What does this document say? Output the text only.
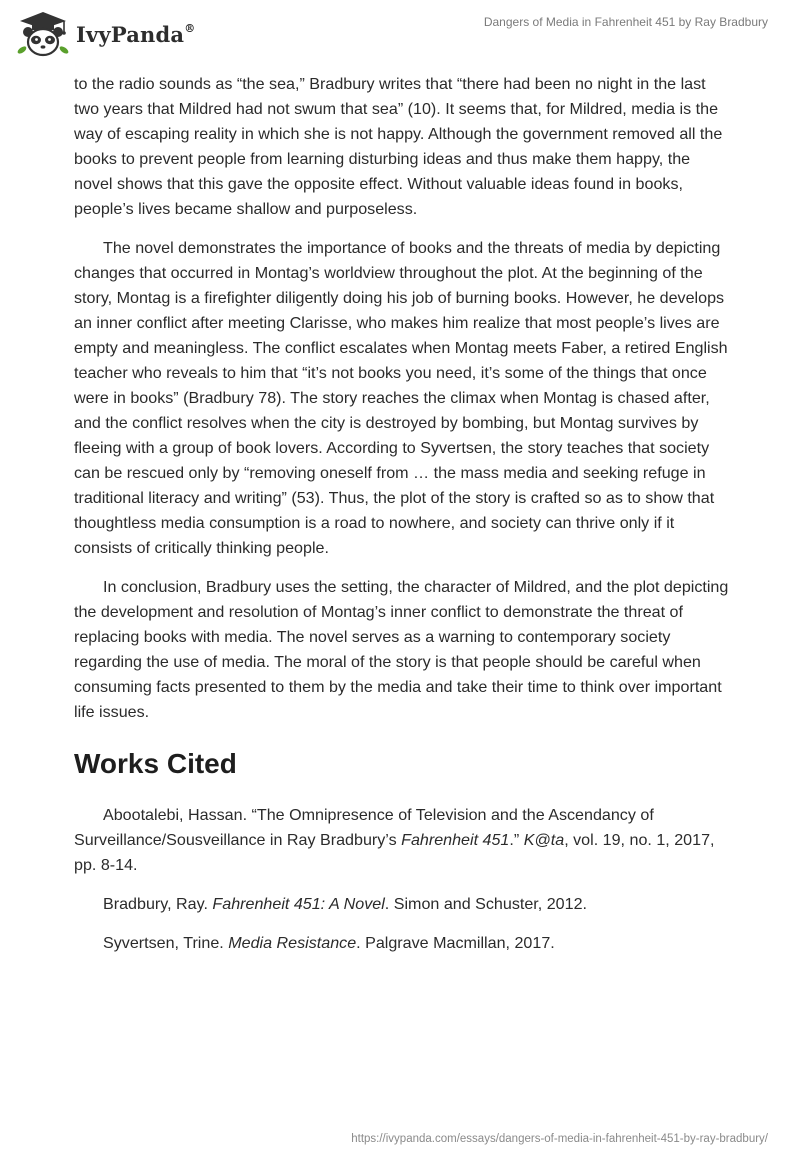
IvyPanda®	Dangers of Media in Fahrenheit 451 by Ray Bradbury

to the radio sounds as “the sea,” Bradbury writes that “there had been no night in the last two years that Mildred had not swum that sea” (10). It seems that, for Mildred, media is the way of escaping reality in which she is not happy. Although the government removed all the books to prevent people from learning disturbing ideas and thus make them happy, the novel shows that this gave the opposite effect. Without valuable ideas found in books, people’s lives became shallow and purposeless.

The novel demonstrates the importance of books and the threats of media by depicting changes that occurred in Montag’s worldview throughout the plot. At the beginning of the story, Montag is a firefighter diligently doing his job of burning books. However, he develops an inner conflict after meeting Clarisse, who makes him realize that most people’s lives are empty and meaningless. The conflict escalates when Montag meets Faber, a retired English teacher who reveals to him that “it’s not books you need, it’s some of the things that once were in books” (Bradbury 78). The story reaches the climax when Montag is chased after, and the conflict resolves when the city is destroyed by bombing, but Montag survives by fleeing with a group of book lovers. According to Syvertsen, the story teaches that society can be rescued only by “removing oneself from … the mass media and seeking refuge in traditional literacy and writing” (53). Thus, the plot of the story is crafted so as to show that thoughtless media consumption is a road to nowhere, and society can thrive only if it consists of critically thinking people.

In conclusion, Bradbury uses the setting, the character of Mildred, and the plot depicting the development and resolution of Montag’s inner conflict to demonstrate the threat of replacing books with media. The novel serves as a warning to contemporary society regarding the use of media. The moral of the story is that people should be careful when consuming facts presented to them by the media and take their time to think over important life issues.

Works Cited

Abootalebi, Hassan. “The Omnipresence of Television and the Ascendancy of Surveillance/Sousveillance in Ray Bradbury’s Fahrenheit 451.” K@ta, vol. 19, no. 1, 2017, pp. 8-14.

Bradbury, Ray. Fahrenheit 451: A Novel. Simon and Schuster, 2012.

Syvertsen, Trine. Media Resistance. Palgrave Macmillan, 2017.

https://ivypanda.com/essays/dangers-of-media-in-fahrenheit-451-by-ray-bradbury/
